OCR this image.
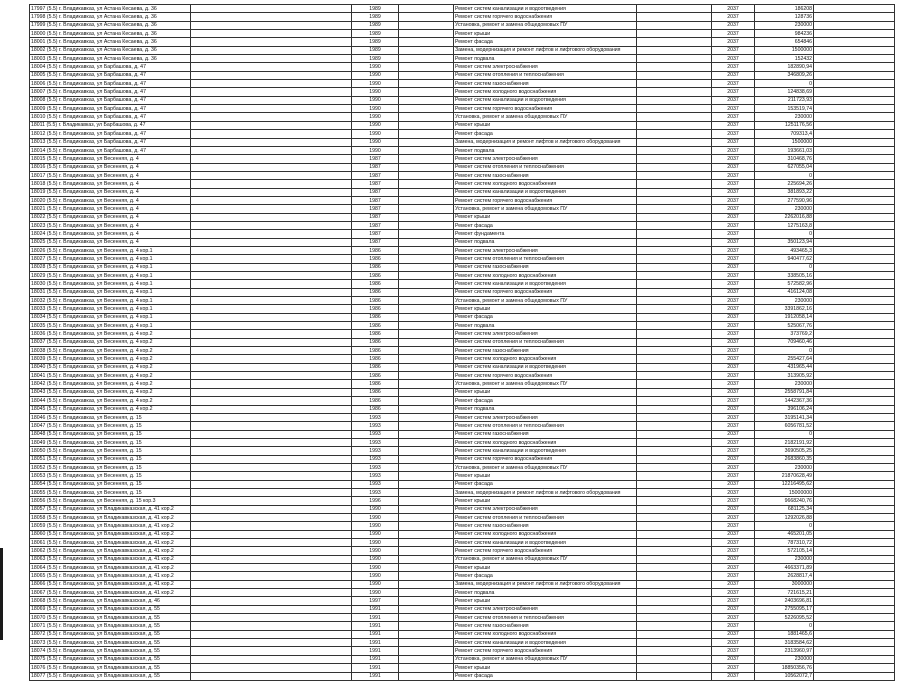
17997 (5.5) г. Владикавказ, ул Астана Кесаева, д. 36		1989		Ремонт систем канализации и водоотведения		2037	186208	
17998 (5.5) г. Владикавказ, ул Астана Кесаева, д. 36		1989		Ремонт систем горячего водоснабжения		2037	128736	
17999 (5.5) г. Владикавказ, ул Астана Кесаева, д. 36		1989		Установка, ремонт и замена общедомовых ПУ		2037	230000	
18000 (5.5) г. Владикавказ, ул Астана Кесаева, д. 36		1989		Ремонт крыши		2037	984236	
18001 (5.5) г. Владикавказ, ул Астана Кесаева, д. 36		1989		Ремонт фасада		2037	654846	
18002 (5.5) г. Владикавказ, ул Астана Кесаева, д. 36		1989		Замена, модернизация и ремонт лифтов и лифтового оборудования		2037	1500000	
18003 (5.5) г. Владикавказ, ул Астана Кесаева, д. 36		1989		Ремонт подвала		2037	152432	
18004 (5.5) г. Владикавказ, ул Барбашова, д. 47		1990		Ремонт систем электроснабжения		2037	182890,94	
18005 (5.5) г. Владикавказ, ул Барбашова, д. 47		1990		Ремонт систем отопления и теплоснабжения		2037	346809,26	
18006 (5.5) г. Владикавказ, ул Барбашова, д. 47		1990		Ремонт систем газоснабжения		2037	0	
18007 (5.5) г. Владикавказ, ул Барбашова, д. 47		1990		Ремонт систем холодного водоснабжения		2037	124838,69	
18008 (5.5) г. Владикавказ, ул Барбашова, д. 47		1990		Ремонт систем канализации и водоотведения		2037	211723,93	
18009 (5.5) г. Владикавказ, ул Барбашова, д. 47		1990		Ремонт систем горячего водоснабжения		2037	153519,74	
18010 (5.5) г. Владикавказ, ул Барбашова, д. 47		1990		Установка, ремонт и замена общедомовых ПУ		2037	230000	
18011 (5.5) г. Владикавказ, ул Барбашова, д. 47		1990		Ремонт крыши		2037	1251176,56	
18012 (5.5) г. Владикавказ, ул Барбашова, д. 47		1990		Ремонт фасада		2037	709313,4	
18013 (5.5) г. Владикавказ, ул Барбашова, д. 47		1990		Замена, модернизация и ремонт лифтов и лифтового оборудования		2037	1500000	
18014 (5.5) г. Владикавказ, ул Барбашова, д. 47		1990		Ремонт подвала		2037	193661,03	
18015 (5.5) г. Владикавказ, ул Весенняя, д. 4		1987		Ремонт систем электроснабжения		2037	310468,76	
18016 (5.5) г. Владикавказ, ул Весенняя, д. 4		1987		Ремонт систем отопления и теплоснабжения		2037	627055,04	
18017 (5.5) г. Владикавказ, ул Весенняя, д. 4		1987		Ремонт систем газоснабжения		2037	0	
18018 (5.5) г. Владикавказ, ул Весенняя, д. 4		1987		Ремонт систем холодного водоснабжения		2037	225694,26	
18019 (5.5) г. Владикавказ, ул Весенняя, д. 4		1987		Ремонт систем канализации и водоотведения		2037	381893,22	
18020 (5.5) г. Владикавказ, ул Весенняя, д. 4		1987		Ремонт систем горячего водоснабжения		2037	277590,96	
18021 (5.5) г. Владикавказ, ул Весенняя, д. 4		1987		Установка, ремонт и замена общедомовых ПУ		2037	230000	
18022 (5.5) г. Владикавказ, ул Весенняя, д. 4		1987		Ремонт крыши		2037	2262016,88	
18023 (5.5) г. Владикавказ, ул Весенняя, д. 4		1987		Ремонт фасада		2037	1275163,8	
18024 (5.5) г. Владикавказ, ул Весенняя, д. 4		1987		Ремонт фундамента		2037	0	
18025 (5.5) г. Владикавказ, ул Весенняя, д. 4		1987		Ремонт подвала		2037	350123,94	
18026 (5.5) г. Владикавказ, ул Весенняя, д. 4 кор.1		1986		Ремонт систем электроснабжения		2037	493465,3	
18027 (5.5) г. Владикавказ, ул Весенняя, д. 4 кор.1		1986		Ремонт систем отопления и теплоснабжения		2037	940477,62	
18028 (5.5) г. Владикавказ, ул Весенняя, д. 4 кор.1		1986		Ремонт систем газоснабжения		2037	0	
18029 (5.5) г. Владикавказ, ул Весенняя, д. 4 кор.1		1986		Ремонт систем холодного водоснабжения		2037	338505,16	
18030 (5.5) г. Владикавказ, ул Весенняя, д. 4 кор.1		1986		Ремонт систем канализации и водоотведения		2037	572582,96	
18031 (5.5) г. Владикавказ, ул Весенняя, д. 4 кор.1		1986		Ремонт систем горячего водоснабжения		2037	416124,08	
18032 (5.5) г. Владикавказ, ул Весенняя, д. 4 кор.1		1986		Установка, ремонт и замена общедомовых ПУ		2037	230000	
18033 (5.5) г. Владикавказ, ул Весенняя, д. 4 кор.1		1986		Ремонт крыши		2037	3391862,16	
18034 (5.5) г. Владикавказ, ул Весенняя, д. 4 кор.1		1986		Ремонт фасада		2037	1912058,14	
18035 (5.5) г. Владикавказ, ул Весенняя, д. 4 кор.1		1986		Ремонт подвала		2037	525067,76	
18036 (5.5) г. Владикавказ, ул Весенняя, д. 4 кор.2		1986		Ремонт систем электроснабжения		2037	373769,2	
18037 (5.5) г. Владикавказ, ул Весенняя, д. 4 кор.2		1986		Ремонт систем отопления и теплоснабжения		2037	709460,46	
18038 (5.5) г. Владикавказ, ул Весенняя, д. 4 кор.2		1986		Ремонт систем газоснабжения		2037	0	
18039 (5.5) г. Владикавказ, ул Весенняя, д. 4 кор.2		1986		Ремонт систем холодного водоснабжения		2037	255427,64	
18040 (5.5) г. Владикавказ, ул Весенняя, д. 4 кор.2		1986		Ремонт систем канализации и водоотведения		2037	431965,44	
18041 (5.5) г. Владикавказ, ул Весенняя, д. 4 кор.2		1986		Ремонт систем горячего водоснабжения		2037	313905,92	
18042 (5.5) г. Владикавказ, ул Весенняя, д. 4 кор.2		1986		Установка, ремонт и замена общедомовых ПУ		2037	230000	
18043 (5.5) г. Владикавказ, ул Весенняя, д. 4 кор.2		1986		Ремонт крыши		2037	2558791,84	
18044 (5.5) г. Владикавказ, ул Весенняя, д. 4 кор.2		1986		Ремонт фасада		2037	1442367,36	
18045 (5.5) г. Владикавказ, ул Весенняя, д. 4 кор.2		1986		Ремонт подвала		2037	396106,24	
18046 (5.5) г. Владикавказ, ул Весенняя, д. 15		1993		Ремонт систем электроснабжения		2037	3195141,34	
18047 (5.5) г. Владикавказ, ул Весенняя, д. 15		1993		Ремонт систем отопления и теплоснабжения		2037	6056781,52	
18048 (5.5) г. Владикавказ, ул Весенняя, д. 15		1993		Ремонт систем газоснабжения		2037	0	
18049 (5.5) г. Владикавказ, ул Весенняя, д. 15		1993		Ремонт систем холодного водоснабжения		2037	2182191,92	
18050 (5.5) г. Владикавказ, ул Весенняя, д. 15		1993		Ремонт систем канализации и водоотведения		2037	3690505,25	
18051 (5.5) г. Владикавказ, ул Весенняя, д. 15		1993		Ремонт систем горячего водоснабжения		2037	2683860,35	
18052 (5.5) г. Владикавказ, ул Весенняя, д. 15		1993		Установка, ремонт и замена общедомовых ПУ		2037	230000	
18053 (5.5) г. Владикавказ, ул Весенняя, д. 15		1993		Ремонт крыши		2037	21870628,49	
18054 (5.5) г. Владикавказ, ул Весенняя, д. 15		1993		Ремонт фасада		2037	12216495,62	
18055 (5.5) г. Владикавказ, ул Весенняя, д. 15		1993		Замена, модернизация и ремонт лифтов и лифтового оборудования		2037	15000000	
18056 (5.5) г. Владикавказ, ул Весенняя, д. 15 кор.3		1996		Ремонт крыши		2037	9668240,76	
18057 (5.5) г. Владикавказ, ул Владикавказская, д. 41 кор.2		1990		Ремонт систем электроснабжения		2037	681125,34	
18058 (5.5) г. Владикавказ, ул Владикавказская, д. 41 кор.2		1990		Ремонт систем отопления и теплоснабжения		2037	1292026,88	
18059 (5.5) г. Владикавказ, ул Владикавказская, д. 41 кор.2		1990		Ремонт систем газоснабжения		2037	0	
18060 (5.5) г. Владикавказ, ул Владикавказская, д. 41 кор.2		1990		Ремонт систем холодного водоснабжения		2037	465201,05	
18061 (5.5) г. Владикавказ, ул Владикавказская, д. 41 кор.2		1990		Ремонт систем канализации и водоотведения		2037	787310,72	
18062 (5.5) г. Владикавказ, ул Владикавказская, д. 41 кор.2		1990		Ремонт систем горячего водоснабжения		2037	572105,14	
18063 (5.5) г. Владикавказ, ул Владикавказская, д. 41 кор.2		1990		Установка, ремонт и замена общедомовых ПУ		2037	230000	
18064 (5.5) г. Владикавказ, ул Владикавказская, д. 41 кор.2		1990		Ремонт крыши		2037	4663371,89	
18065 (5.5) г. Владикавказ, ул Владикавказская, д. 41 кор.2		1990		Ремонт фасада		2037	2628817,4	
18066 (5.5) г. Владикавказ, ул Владикавказская, д. 41 кор.2		1990		Замена, модернизация и ремонт лифтов и лифтового оборудования		2037	3000000	
18067 (5.5) г. Владикавказ, ул Владикавказская, д. 41 кор.2		1990		Ремонт подвала		2037	721615,21	
18068 (5.5) г. Владикавказ, ул Владикавказская, д. 46		1997		Ремонт крыши		2037	2403696,81	
18069 (5.5) г. Владикавказ, ул Владикавказская, д. 55		1991		Ремонт систем электроснабжения		2037	2755095,17	
18070 (5.5) г. Владикавказ, ул Владикавказская, д. 55		1991		Ремонт систем отопления и теплоснабжения		2037	5226095,52	
18071 (5.5) г. Владикавказ, ул Владикавказская, д. 55		1991		Ремонт систем газоснабжения		2037	0	
18072 (5.5) г. Владикавказ, ул Владикавказская, д. 55		1991		Ремонт систем холодного водоснабжения		2037	1881465,6	
18073 (5.5) г. Владикавказ, ул Владикавказская, д. 55		1991		Ремонт систем канализации и водоотведения		2037	3183584,62	
18074 (5.5) г. Владикавказ, ул Владикавказская, д. 55		1991		Ремонт систем горячего водоснабжения		2037	2313960,97	
18075 (5.5) г. Владикавказ, ул Владикавказская, д. 55		1991		Установка, ремонт и замена общедомовых ПУ		2037	230000	
18076 (5.5) г. Владикавказ, ул Владикавказская, д. 55		1991		Ремонт крыши		2037	18850356,76	
18077 (5.5) г. Владикавказ, ул Владикавказская, д. 55		1991		Ремонт фасада		2037	10562072,7	
